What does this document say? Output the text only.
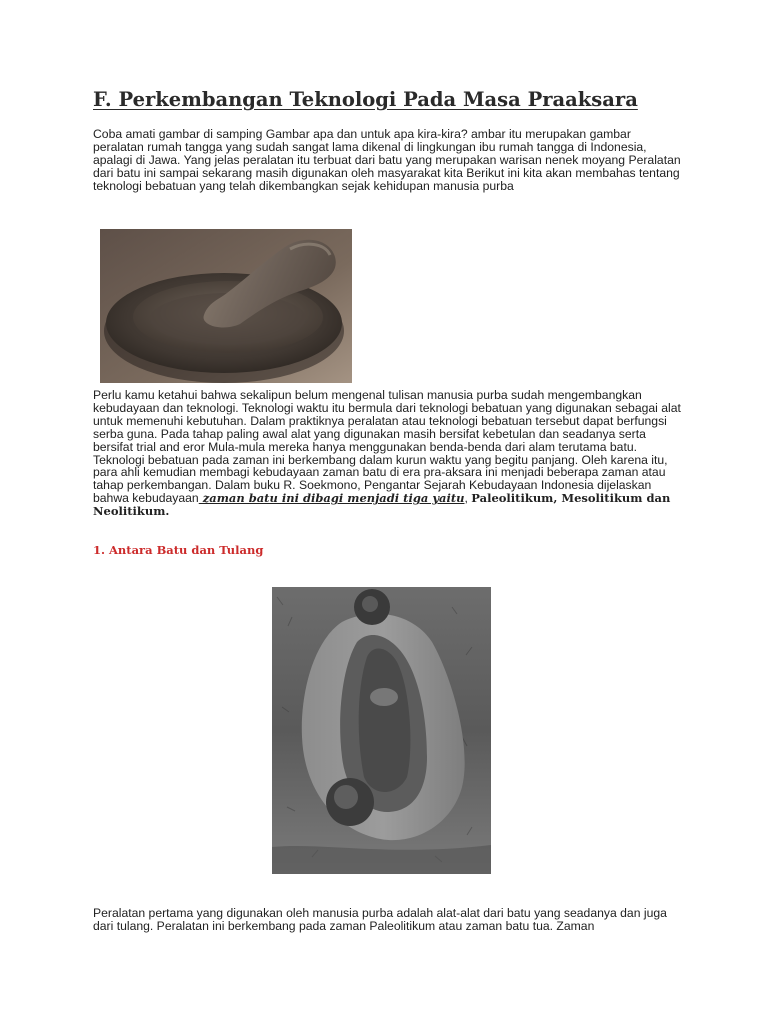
F. Perkembangan Teknologi Pada Masa Praaksara

Coba amati gambar di samping Gambar apa dan untuk apa kira-kira? ambar itu merupakan gambar peralatan rumah tangga yang sudah sangat lama dikenal di lingkungan ibu rumah tangga di Indonesia, apalagi di Jawa. Yang jelas peralatan itu terbuat dari batu yang merupakan warisan nenek moyang Peralatan dari batu ini sampai sekarang masih digunakan oleh masyarakat kita Berikut ini kita akan membahas tentang teknologi bebatuan yang telah dikembangkan sejak kehidupan manusia purba

Perlu kamu ketahui bahwa sekalipun belum mengenal tulisan manusia purba sudah mengembangkan kebudayaan dan teknologi. Teknologi waktu itu bermula dari teknologi bebatuan yang digunakan sebagai alat untuk memenuhi kebutuhan. Dalam praktiknya peralatan atau teknologi bebatuan tersebut dapat berfungsi serba guna. Pada tahap paling awal alat yang digunakan masih bersifat kebetulan dan seadanya serta bersifat trial and eror Mula-mula mereka hanya menggunakan benda-benda dari alam terutama batu. Teknologi bebatuan pada zaman ini berkembang dalam kurun waktu yang begitu panjang. Oleh karena itu, para ahli kemudian membagi kebudayaan zaman batu di era pra-aksara ini menjadi beberapa zaman atau tahap perkembangan. Dalam buku R. Soekmono, Pengantar Sejarah Kebudayaan Indonesia dijelaskan bahwa kebudayaan zaman batu ini dibagi menjadi tiga yaitu, Paleolitikum, Mesolitikum dan Neolitikum.

1. Antara Batu dan Tulang

Peralatan pertama yang digunakan oleh manusia purba adalah alat-alat dari batu yang seadanya dan juga dari tulang. Peralatan ini berkembang pada zaman Paleolitikum atau zaman batu tua. Zaman
